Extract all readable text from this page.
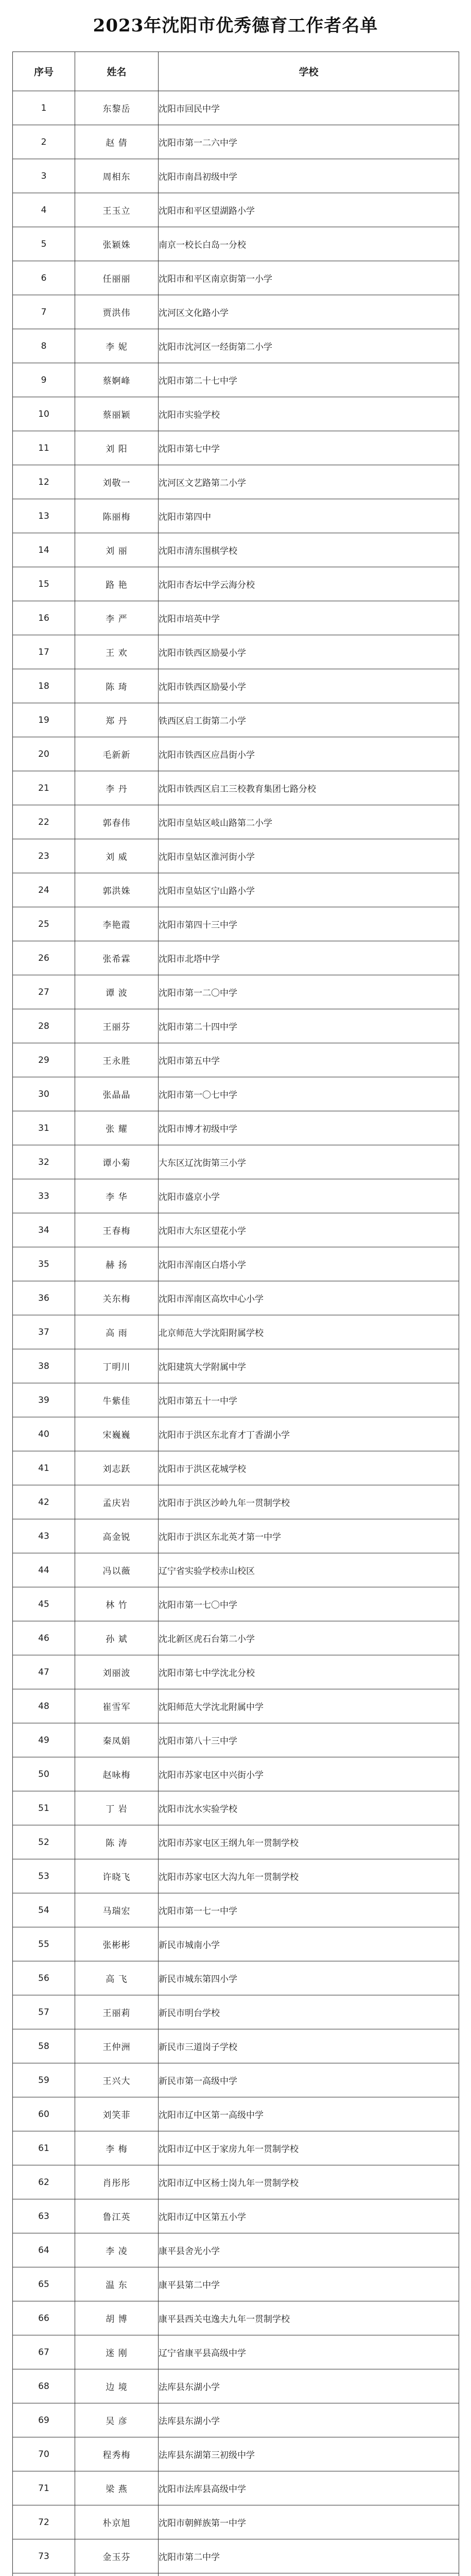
2023年沈阳市优秀德育工作者名单
序号	姓名	学校
1	东黎岳	沈阳市回民中学
2	赵 倩	沈阳市第一二六中学
3	周相东	沈阳市南昌初级中学
4	王玉立	沈阳市和平区望湖路小学
5	张颖姝	南京一校长白岛一分校
6	任丽丽	沈阳市和平区南京街第一小学
7	贾洪伟	沈河区文化路小学
8	李 妮	沈阳市沈河区一经街第二小学
9	蔡婀峰	沈阳市第二十七中学
10	蔡丽颖	沈阳市实验学校
11	刘 阳	沈阳市第七中学
12	刘敬一	沈河区文艺路第二小学
13	陈丽梅	沈阳市第四中
14	刘 丽	沈阳市清东围棋学校
15	路 艳	沈阳市杏坛中学云海分校
16	李 严	沈阳市培英中学
17	王 欢	沈阳市铁西区励晏小学
18	陈 琦	沈阳市铁西区励晏小学
19	郑 丹	铁西区启工街第二小学
20	毛新新	沈阳市铁西区应昌街小学
21	李 丹	沈阳市铁西区启工三校教育集团七路分校
22	郭春伟	沈阳市皇姑区岐山路第二小学
23	刘 威	沈阳市皇姑区淮河街小学
24	郭洪姝	沈阳市皇姑区宁山路小学
25	李艳霞	沈阳市第四十三中学
26	张希霖	沈阳市北塔中学
27	谭 波	沈阳市第一二〇中学
28	王丽芬	沈阳市第二十四中学
29	王永胜	沈阳市第五中学
30	张晶晶	沈阳市第一〇七中学
31	张 耀	沈阳市博才初级中学
32	谭小菊	大东区辽沈街第三小学
33	李 华	沈阳市盛京小学
34	王春梅	沈阳市大东区望花小学
35	赫 扬	沈阳市浑南区白塔小学
36	关东梅	沈阳市浑南区高坎中心小学
37	高 雨	北京师范大学沈阳附属学校
38	丁明川	沈阳建筑大学附属中学
39	牛紫佳	沈阳市第五十一中学
40	宋巍巍	沈阳市于洪区东北育才丁香湖小学
41	刘志跃	沈阳市于洪区花城学校
42	孟庆岩	沈阳市于洪区沙岭九年一贯制学校
43	高金锐	沈阳市于洪区东北英才第一中学
44	冯以薇	辽宁省实验学校赤山校区
45	林 竹	沈阳市第一七〇中学
46	孙 斌	沈北新区虎石台第二小学
47	刘丽波	沈阳市第七中学沈北分校
48	崔雪军	沈阳师范大学沈北附属中学
49	秦凤娟	沈阳市第八十三中学
50	赵咏梅	沈阳市苏家屯区中兴街小学
51	丁 岩	沈阳市沈水实验学校
52	陈 涛	沈阳市苏家屯区王纲九年一贯制学校
53	许晓飞	沈阳市苏家屯区大沟九年一贯制学校
54	马瑞宏	沈阳市第一七一中学
55	张彬彬	新民市城南小学
56	高 飞	新民市城东第四小学
57	王丽莉	新民市明台学校
58	王仲洲	新民市三道岗子学校
59	王兴大	新民市第一高级中学
60	刘笑菲	沈阳市辽中区第一高级中学
61	李 梅	沈阳市辽中区于家房九年一贯制学校
62	肖彤彤	沈阳市辽中区杨士岗九年一贯制学校
63	鲁江英	沈阳市辽中区第五小学
64	李 凌	康平县舍光小学
65	温 东	康平县第二中学
66	胡 博	康平县西关屯逸夫九年一贯制学校
67	迷 刚	辽宁省康平县高级中学
68	边 境	法库县东湖小学
69	吴 彦	法库县东湖小学
70	程秀梅	法库县东湖第三初级中学
71	梁 燕	沈阳市法库县高级中学
72	朴京旭	沈阳市朝鲜族第一中学
73	金玉芬	沈阳市第二中学
